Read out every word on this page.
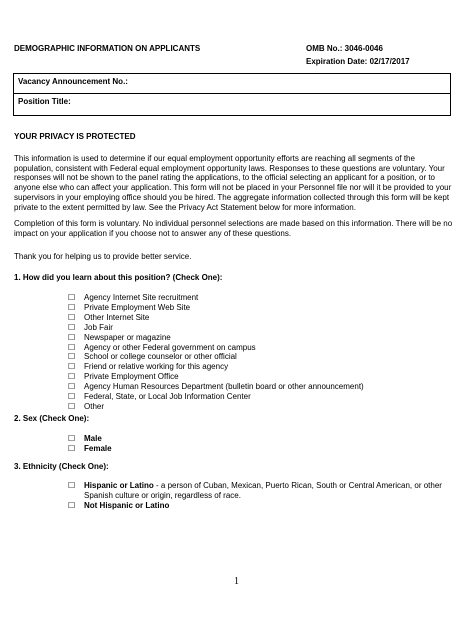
DEMOGRAPHIC INFORMATION ON APPLICANTS	OMB No.: 3046-0046
Expiration Date: 02/17/2017
Vacancy Announcement No.:
Position Title:
YOUR PRIVACY IS PROTECTED
This information is used to determine if our equal employment opportunity efforts are reaching all segments of the population, consistent with Federal equal employment opportunity laws. Responses to these questions are voluntary. Your responses will not be shown to the panel rating the applications, to the official selecting an applicant for a position, or to anyone else who can affect your application. This form will not be placed in your Personnel file nor will it be provided to your supervisors in your employing office should you be hired. The aggregate information collected through this form will be kept private to the extent permitted by law. See the Privacy Act Statement below for more information.
Completion of this form is voluntary. No individual personnel selections are made based on this information. There will be no impact on your application if you choose not to answer any of these questions.
Thank you for helping us to provide better service.
1. How did you learn about this position? (Check One):
☐	Agency Internet Site recruitment
☐	Private Employment Web Site
☐	Other Internet Site
☐	Job Fair
☐	Newspaper or magazine
☐	Agency or other Federal government on campus
☐	School or college counselor or other official
☐	Friend or relative working for this agency
☐	Private Employment Office
☐	Agency Human Resources Department (bulletin board or other announcement)
☐	Federal, State, or Local Job Information Center
☐	Other
2. Sex (Check One):
☐	Male
☐	Female
3. Ethnicity (Check One):
☐	Hispanic or Latino - a person of Cuban, Mexican, Puerto Rican, South or Central American, or other Spanish culture or origin, regardless of race.
☐	Not Hispanic or Latino
1
